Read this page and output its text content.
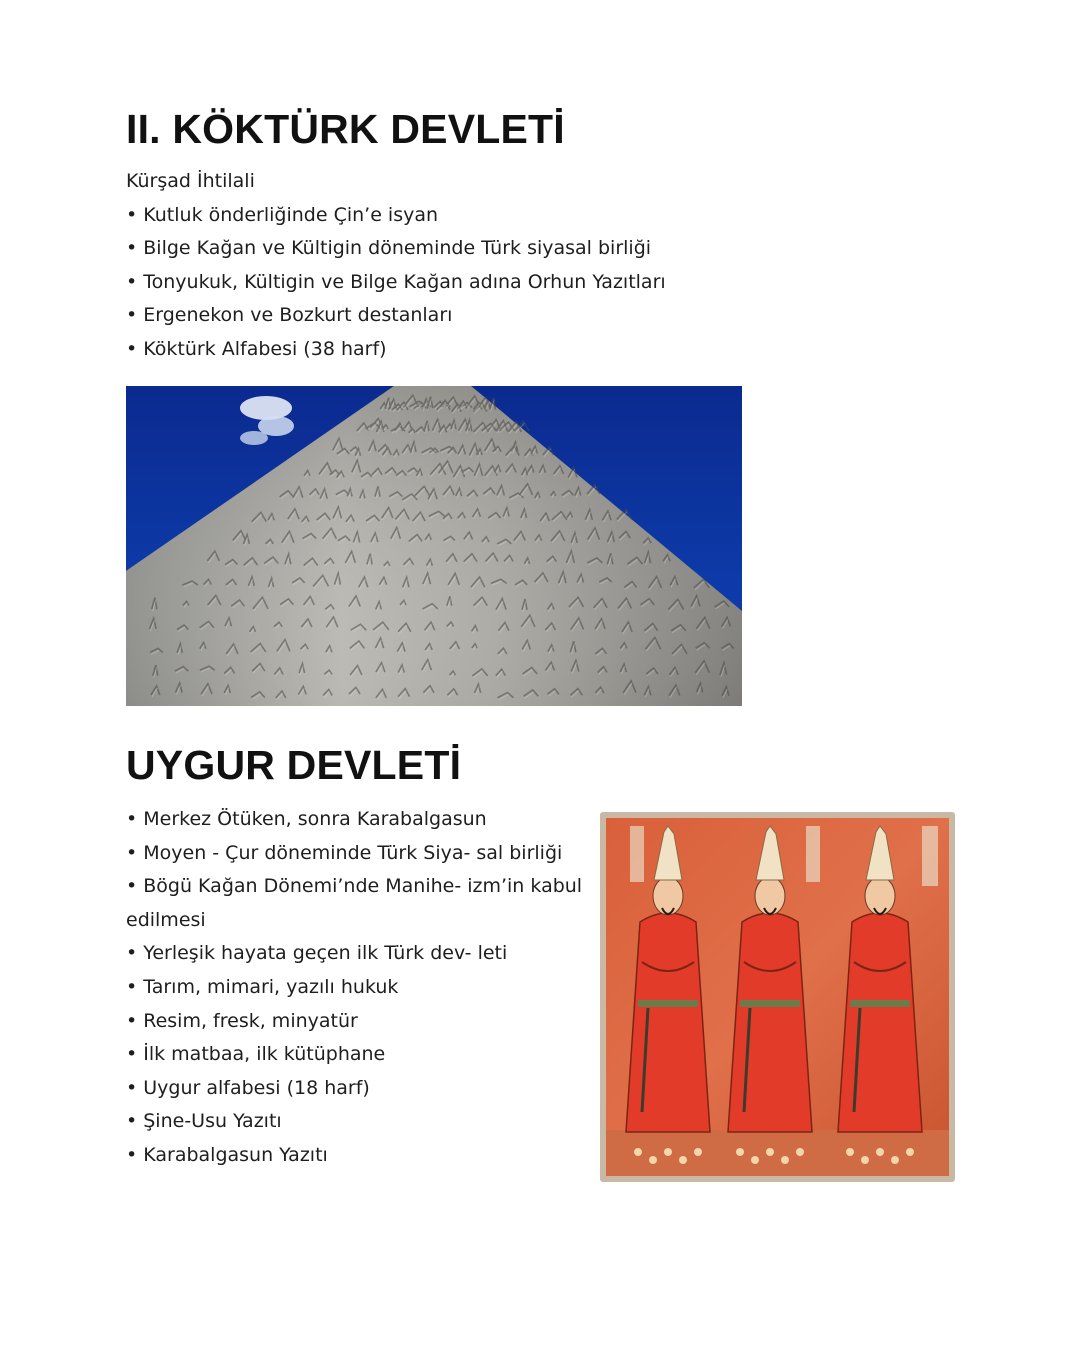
II. KÖKTÜRK DEVLETİ
Kürşad İhtilali
• Kutluk önderliğinde Çin’e isyan
• Bilge Kağan ve Kültigin döneminde Türk siyasal birliği
• Tonyukuk, Kültigin ve Bilge Kağan adına Orhun Yazıtları
• Ergenekon ve Bozkurt destanları
• Köktürk Alfabesi (38 harf)
UYGUR DEVLETİ
• Merkez Ötüken, sonra Karabalgasun
• Moyen - Çur döneminde Türk Siya- sal birliği
• Bögü Kağan Dönemi’nde Manihe- izm’in kabul edilmesi
• Yerleşik hayata geçen ilk Türk dev- leti
• Tarım, mimari, yazılı hukuk
• Resim, fresk, minyatür
• İlk matbaa, ilk kütüphane
• Uygur alfabesi (18 harf)
• Şine-Usu Yazıtı
• Karabalgasun Yazıtı
